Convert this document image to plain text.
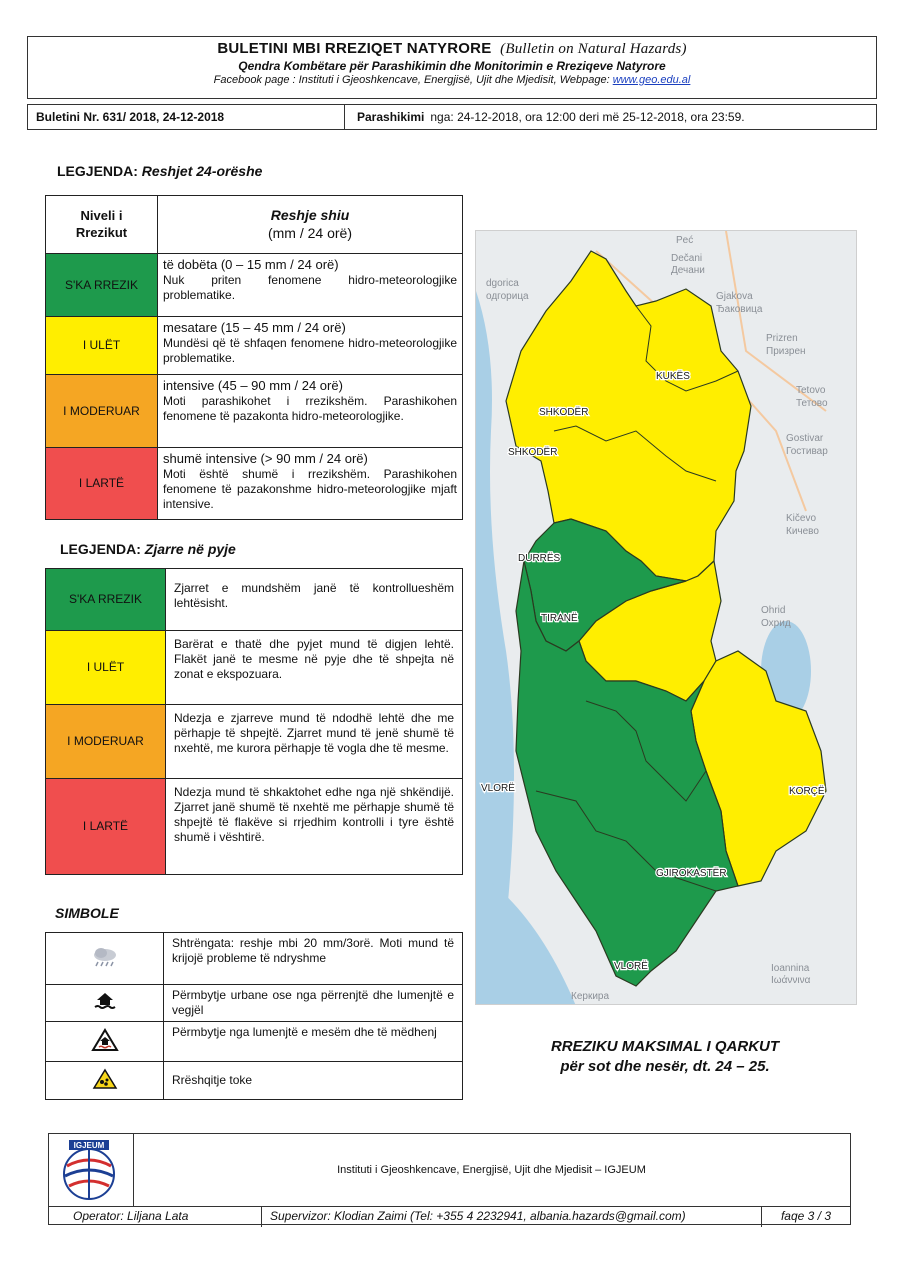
BULETINI MBI RREZIQET NATYRORE (Bulletin on Natural Hazards)
Qendra Kombëtare për Parashikimin dhe Monitorimin e Rreziqeve Natyrore
Facebook page : Instituti i Gjeoshkencave, Energjisë, Ujit dhe Mjedisit, Webpage: www.geo.edu.al
Buletini Nr. 631/ 2018, 24-12-2018	Parashikimi nga: 24-12-2018, ora 12:00 deri më 25-12-2018, ora 23:59.
LEGJENDA: Reshjet 24-orëshe
Niveli i Rrezikut	Reshje shiu
(mm / 24 orë)

S'KA RREZIK	të dobëta (0 – 15 mm / 24 orë)
Nuk priten fenomene hidro-meteorologjike problematike.

I ULËT	mesatare (15 – 45 mm / 24 orë)
Mundësi që të shfaqen fenomene hidro-meteorologjike problematike.

I MODERUAR	intensive (45 – 90 mm / 24 orë)
Moti parashikohet i rrezikshëm. Parashikohen fenomene të pazakonta hidro-meteorologjike.

I LARTË	shumë intensive (> 90 mm / 24 orë)
Moti është shumë i rrezikshëm. Parashikohen fenomene të pazakonshme hidro-meteorologjike mjaft intensive.
LEGJENDA: Zjarre në pyje
S'KA RREZIK	Zjarret e mundshëm janë të kontrollueshëm lehtësisht.
I ULËT	Barërat e thatë dhe pyjet mund të digjen lehtë. Flakët janë te mesme në pyje dhe të shpejta në zonat e ekspozuara.
I MODERUAR	Ndezja e zjarreve mund të ndodhë lehtë dhe me përhapje të shpejtë. Zjarret mund të jenë shumë të nxehtë, me kurora përhapje të vogla dhe të mesme.
I LARTË	Ndezja mund të shkaktohet edhe nga një shkëndijë. Zjarret janë shumë të nxehtë me përhapje shumë të shpejtë të flakëve si rrjedhim kontrolli i tyre është shumë i vështirë.
SIMBOLE
	Shtrëngata: reshje mbi 20 mm/3orë. Moti mund të krijojë probleme të ndryshme
	Përmbytje urbane ose nga përrenjtë dhe lumenjtë e vegjël
	Përmbytje nga lumenjtë e mesëm dhe të mëdhenj
	Rrëshqitje toke
dgorica
одгорица
Peć
Dečani
Дечани
Gjakova
Ђаковица
Prizren
Призрен
Tetovo
Тетово
Gostivar
Гостивар
Kičevo
Кичево
Ohrid
Охрид
Ioannina
Ιωάννινα
Керкира
SHKODËR
SHKODËR
KUKËS
DURRËS
TIRANË
VLORË	KORÇË
GJIROKASTËR
VLORË
RREZIKU MAKSIMAL I QARKUT
për sot dhe nesër, dt. 24 – 25.
IGJEUM
Instituti i Gjeoshkencave, Energjisë, Ujit dhe Mjedisit – IGJEUM
Operator: Liljana Lata	Supervizor: Klodian Zaimi (Tel: +355 4 2232941, albania.hazards@gmail.com)	faqe 3 / 3
